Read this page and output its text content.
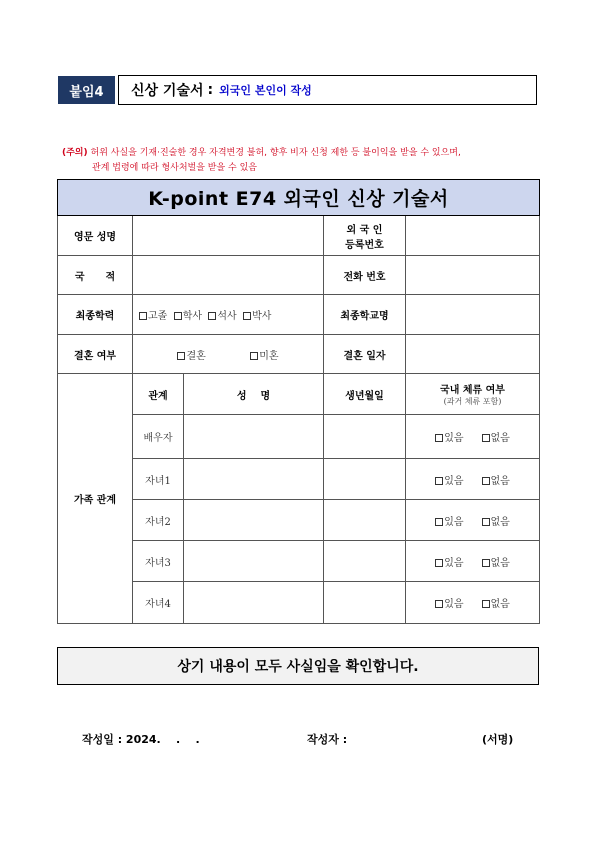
붙임4	신상 기술서 : 외국인 본인이 작성
(주의) 허위 사실을 기재·진술한 경우 자격변경 불허, 향후 비자 신청 제한 등 불이익을 받을 수 있으며,
관계 법령에 따라 형사처벌을 받을 수 있음
K-point E74 외국인 신상 기술서				
영문 성명			외 국 인
등록번호	

국      적			전화 번호	
최종학력	고졸 학사 석사 박사		최종학교명	
결혼 여부	결혼 미혼		결혼 일자	
가족 관계	관계	성    명	생년월일	국내 체류 여부
(과거 체류 포함)

	배우자			있음 없음
	자녀1			있음 없음
	자녀2			있음 없음
	자녀3			있음 없음
	자녀4			있음 없음
상기 내용이 모두 사실임을 확인합니다.
작성일 : 2024.    .    .	작성자 :	(서명)
